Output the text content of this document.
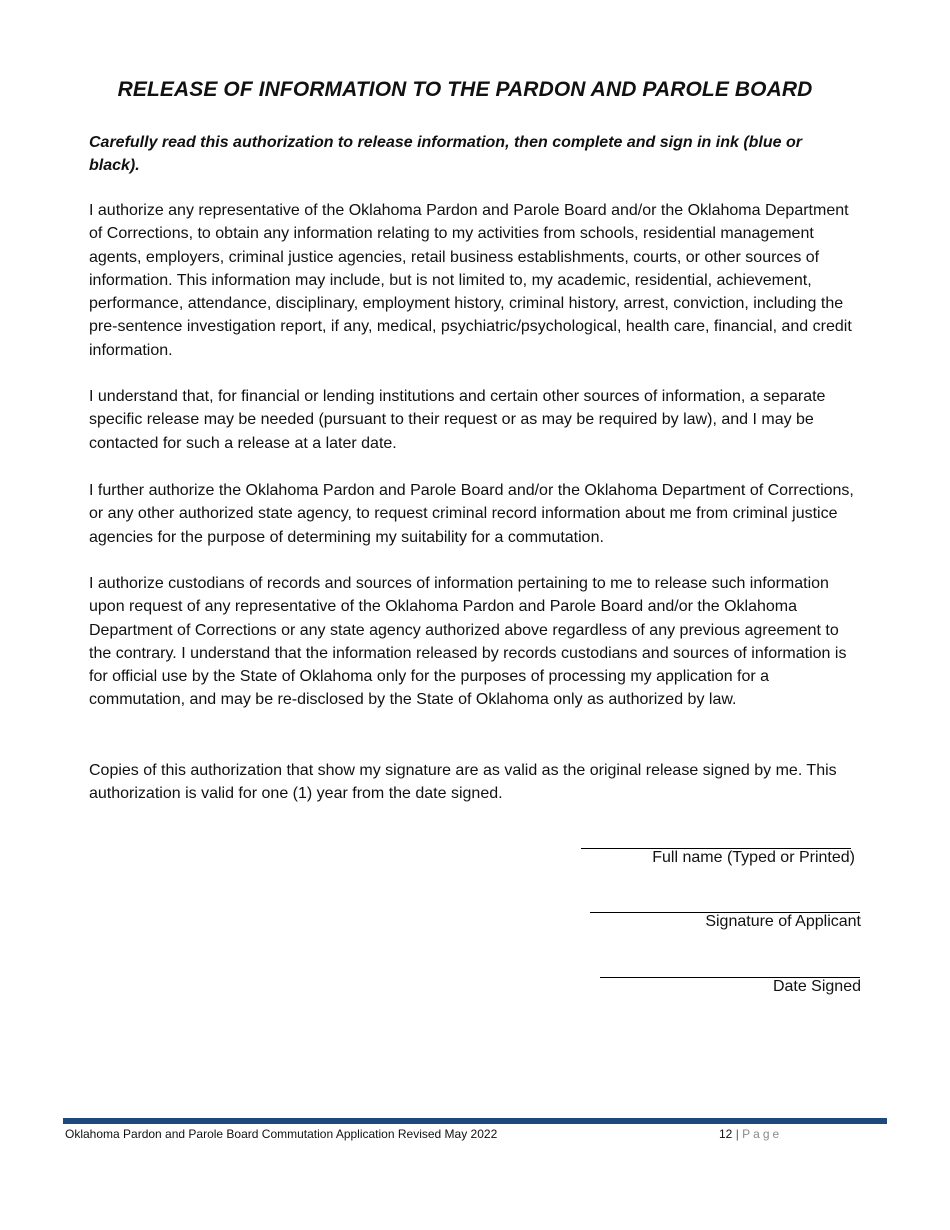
RELEASE OF INFORMATION TO THE PARDON AND PAROLE BOARD
Carefully read this authorization to release information, then complete and sign in ink (blue or black).
I authorize any representative of the Oklahoma Pardon and Parole Board and/or the Oklahoma Department of Corrections, to obtain any information relating to my activities from schools, residential management agents, employers, criminal justice agencies, retail business establishments, courts, or other sources of information. This information may include, but is not limited to, my academic, residential, achievement, performance, attendance, disciplinary, employment history, criminal history, arrest, conviction, including the pre-sentence investigation report, if any, medical, psychiatric/psychological, health care, financial, and credit information.
I understand that, for financial or lending institutions and certain other sources of information, a separate specific release may be needed (pursuant to their request or as may be required by law), and I may be contacted for such a release at a later date.
I further authorize the Oklahoma Pardon and Parole Board and/or the Oklahoma Department of Corrections, or any other authorized state agency, to request criminal record information about me from criminal justice agencies for the purpose of determining my suitability for a commutation.
I authorize custodians of records and sources of information pertaining to me to release such information upon request of any representative of the Oklahoma Pardon and Parole Board and/or the Oklahoma Department of Corrections or any state agency authorized above regardless of any previous agreement to the contrary. I understand that the information released by records custodians and sources of information is for official use by the State of Oklahoma only for the purposes of processing my application for a commutation, and may be re-disclosed by the State of Oklahoma only as authorized by law.
Copies of this authorization that show my signature are as valid as the original release signed by me. This authorization is valid for one (1) year from the date signed.
Full name (Typed or Printed)
Signature of Applicant
Date Signed
Oklahoma Pardon and Parole Board Commutation Application Revised May 2022	12 | Page
